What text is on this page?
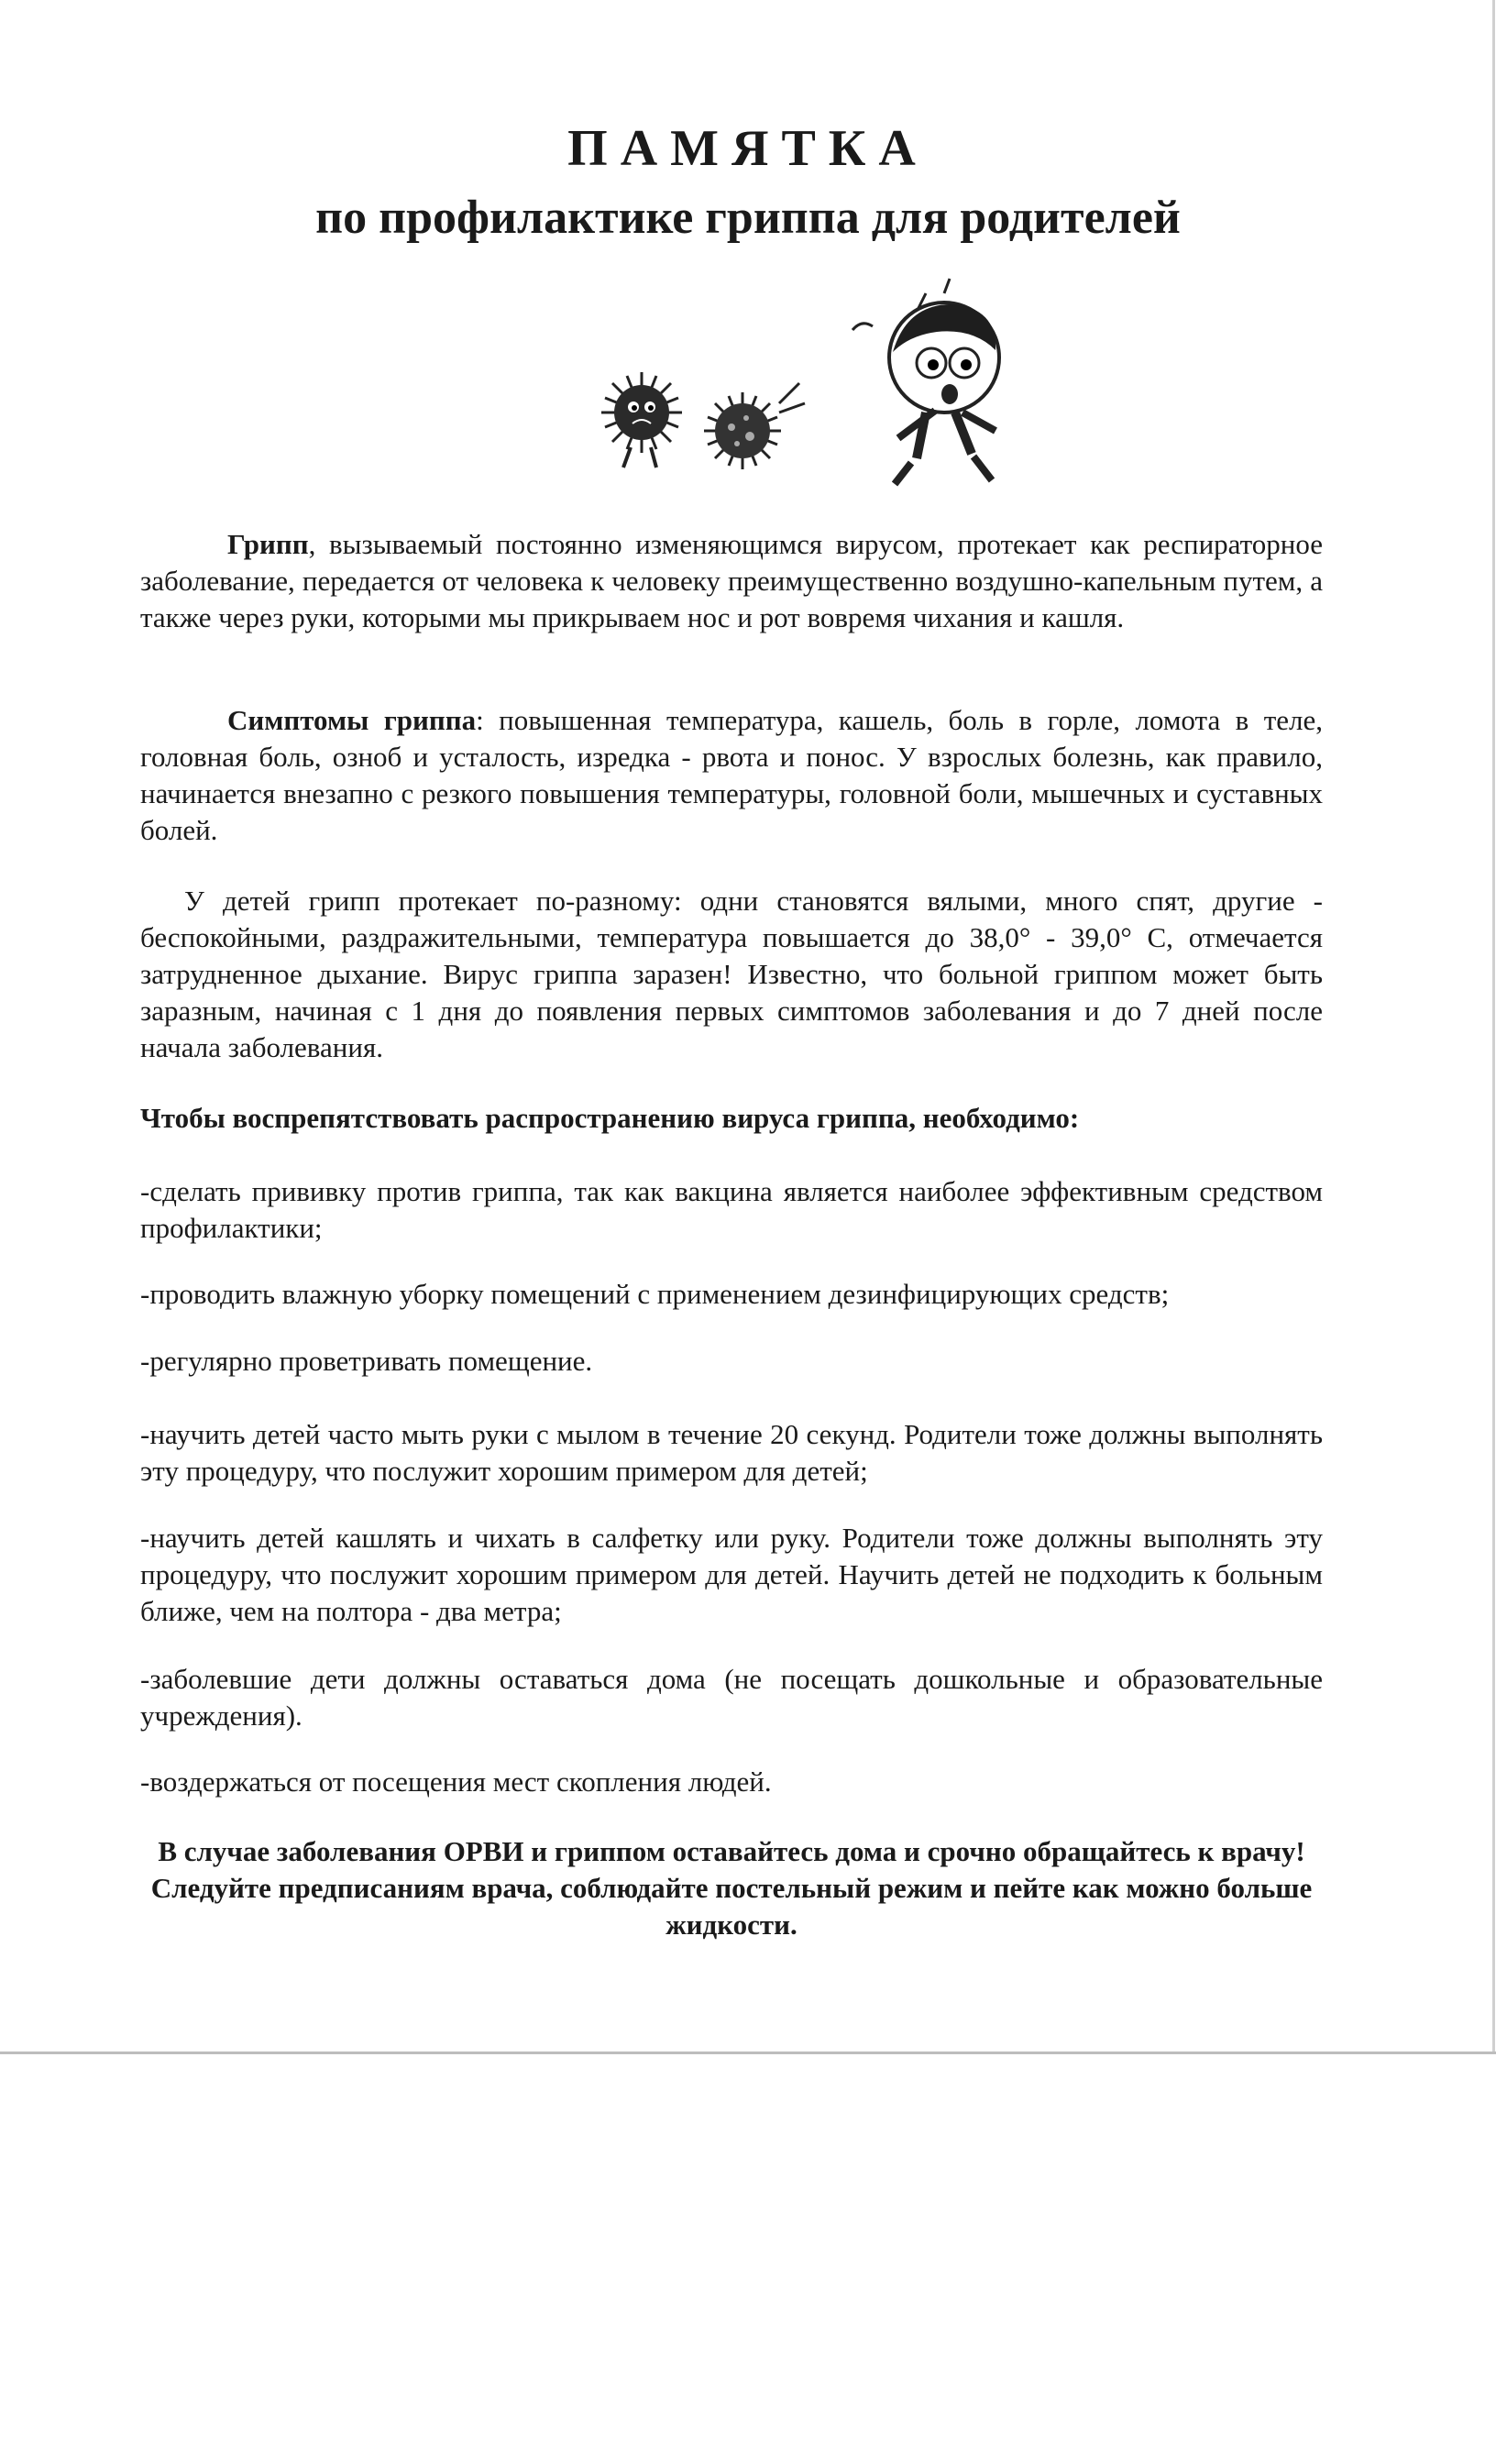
ПАМЯТКА
по профилактике гриппа для родителей

Грипп, вызываемый постоянно изменяющимся вирусом, протекает как респираторное заболевание, передается от человека к человеку преимущественно воздушно-капельным путем, а также через руки, которыми мы прикрываем нос и рот вовремя чихания и кашля.

Симптомы гриппа: повышенная температура, кашель, боль в горле, ломота в теле, головная боль, озноб и усталость, изредка - рвота и понос. У взрослых болезнь, как правило, начинается внезапно с резкого повышения температуры, головной боли, мышечных и суставных болей.

У детей грипп протекает по-разному: одни становятся вялыми, много спят, другие - беспокойными, раздражительными, температура повышается до 38,0° - 39,0° С, отмечается затрудненное дыхание. Вирус гриппа заразен! Известно, что больной гриппом может быть заразным, начиная с 1 дня до появления первых симптомов заболевания и до 7 дней после начала заболевания.

Чтобы воспрепятствовать распространению вируса гриппа, необходимо:

-сделать прививку против гриппа, так как вакцина является наиболее эффективным средством профилактики;

-проводить влажную уборку помещений с применением дезинфицирующих средств;

-регулярно проветривать помещение.

-научить детей часто мыть руки с мылом в течение 20 секунд. Родители тоже должны выполнять эту процедуру, что послужит хорошим примером для детей;

-научить детей кашлять и чихать в салфетку или руку. Родители тоже должны выполнять эту процедуру, что послужит хорошим примером для детей. Научить детей не подходить к больным ближе, чем на полтора - два метра;

-заболевшие дети должны оставаться дома (не посещать дошкольные и образовательные учреждения).

-воздержаться от посещения мест скопления людей.

В случае заболевания ОРВИ и гриппом оставайтесь дома и срочно обращайтесь к врачу! Следуйте предписаниям врача, соблюдайте постельный режим и пейте как можно больше жидкости.
